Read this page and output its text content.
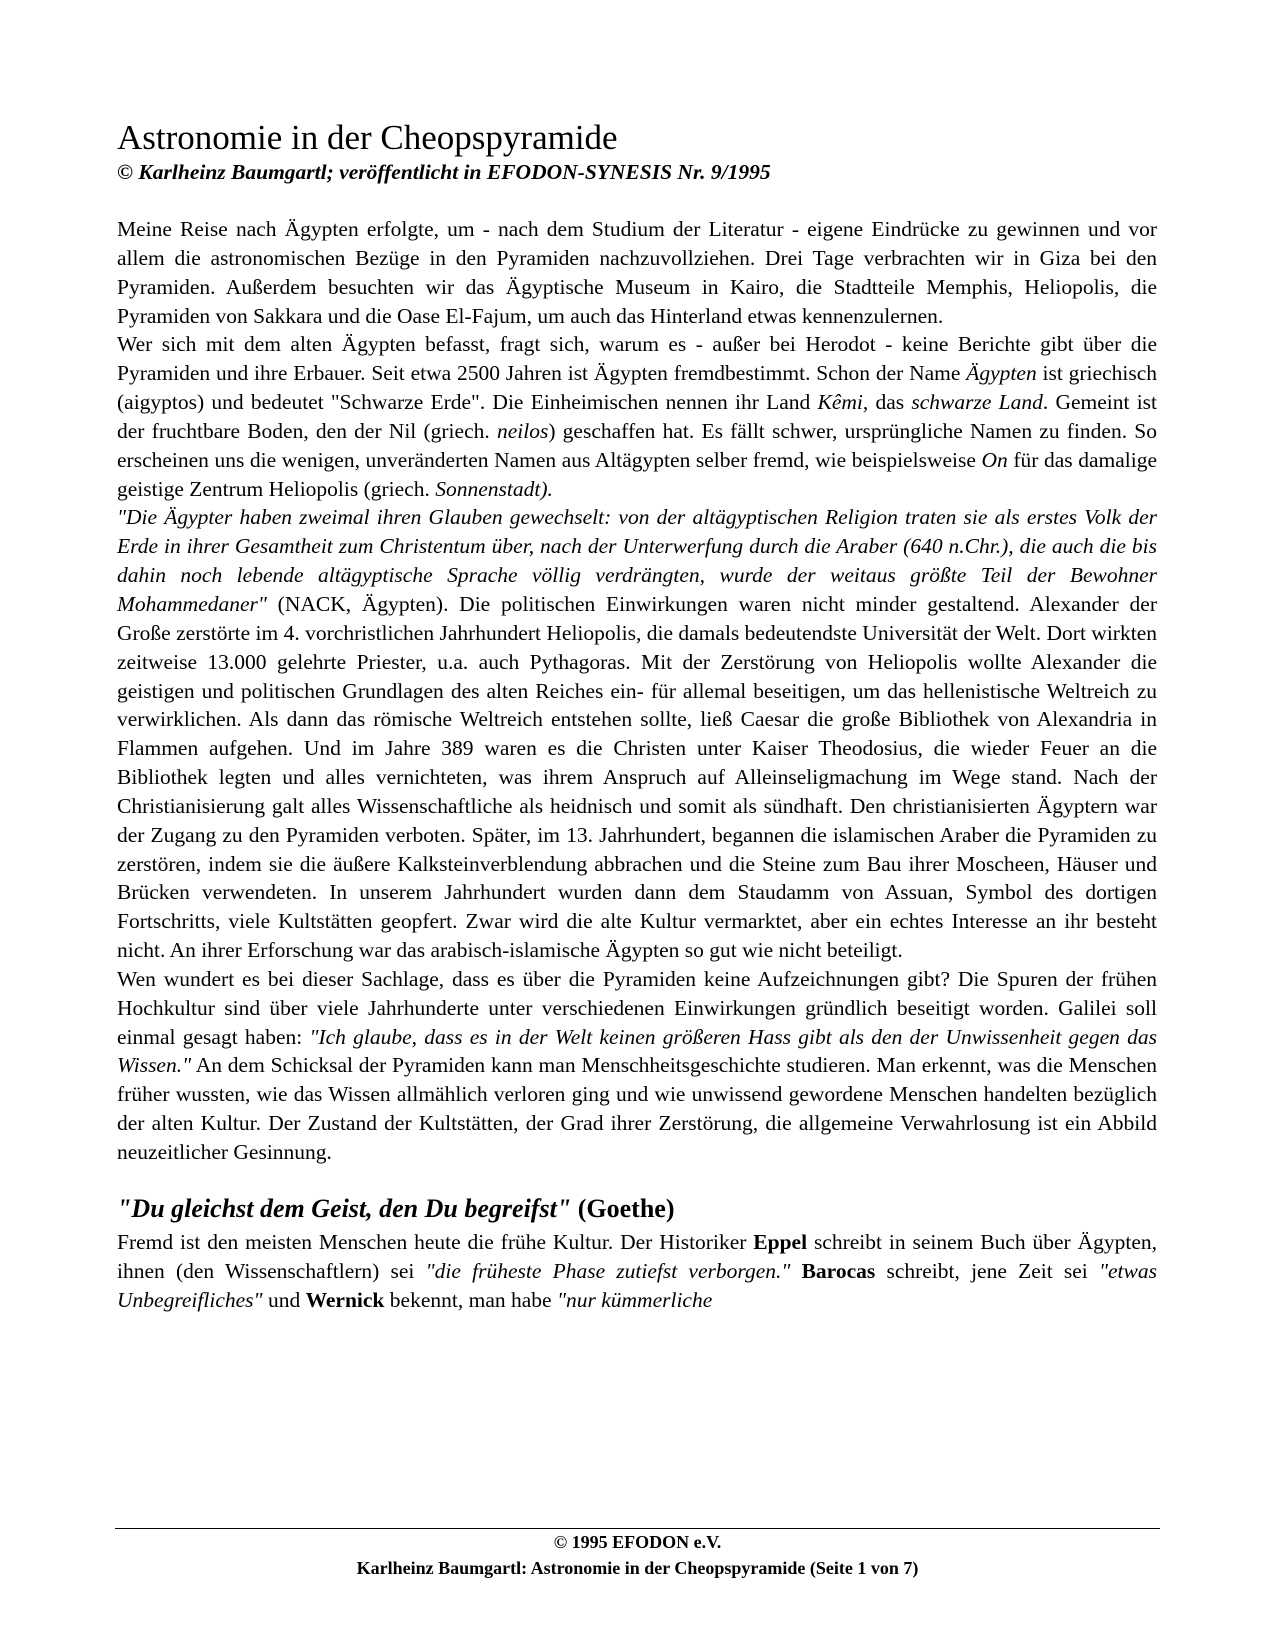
Astronomie in der Cheopspyramide

© Karlheinz Baumgartl; veröffentlicht in EFODON-SYNESIS Nr. 9/1995

Meine Reise nach Ägypten erfolgte, um - nach dem Studium der Literatur - eigene Eindrücke zu gewinnen und vor allem die astronomischen Bezüge in den Pyramiden nachzuvollziehen. Drei Tage verbrachten wir in Giza bei den Pyramiden. Außerdem besuchten wir das Ägyptische Museum in Kairo, die Stadtteile Memphis, Heliopolis, die Pyramiden von Sakkara und die Oase El-Fajum, um auch das Hinterland etwas kennenzulernen.

Wer sich mit dem alten Ägypten befasst, fragt sich, warum es - außer bei Herodot - keine Berichte gibt über die Pyramiden und ihre Erbauer. Seit etwa 2500 Jahren ist Ägypten fremdbestimmt. Schon der Name Ägypten ist griechisch (aigyptos) und bedeutet "Schwarze Erde". Die Einheimischen nennen ihr Land Kêmi, das schwarze Land. Gemeint ist der fruchtbare Boden, den der Nil (griech. neilos) geschaffen hat. Es fällt schwer, ursprüngliche Namen zu finden. So erscheinen uns die wenigen, unveränderten Namen aus Altägypten selber fremd, wie beispielsweise On für das damalige geistige Zentrum Heliopolis (griech. Sonnenstadt).

"Die Ägypter haben zweimal ihren Glauben gewechselt: von der altägyptischen Religion traten sie als erstes Volk der Erde in ihrer Gesamtheit zum Christentum über, nach der Unterwerfung durch die Araber (640 n.Chr.), die auch die bis dahin noch lebende altägyptische Sprache völlig verdrängten, wurde der weitaus größte Teil der Bewohner Mohammedaner" (NACK, Ägypten). Die politischen Einwirkungen waren nicht minder gestaltend. Alexander der Große zerstörte im 4. vorchristlichen Jahrhundert Heliopolis, die damals bedeutendste Universität der Welt. Dort wirkten zeitweise 13.000 gelehrte Priester, u.a. auch Pythagoras. Mit der Zerstörung von Heliopolis wollte Alexander die geistigen und politischen Grundlagen des alten Reiches ein- für allemal beseitigen, um das hellenistische Weltreich zu verwirklichen. Als dann das römische Weltreich entstehen sollte, ließ Caesar die große Bibliothek von Alexandria in Flammen aufgehen. Und im Jahre 389 waren es die Christen unter Kaiser Theodosius, die wieder Feuer an die Bibliothek legten und alles vernichteten, was ihrem Anspruch auf Alleinseligmachung im Wege stand. Nach der Christianisierung galt alles Wissenschaftliche als heidnisch und somit als sündhaft. Den christianisierten Ägyptern war der Zugang zu den Pyramiden verboten. Später, im 13. Jahrhundert, begannen die islamischen Araber die Pyramiden zu zerstören, indem sie die äußere Kalksteinverblendung abbrachen und die Steine zum Bau ihrer Moscheen, Häuser und Brücken verwendeten. In unserem Jahrhundert wurden dann dem Staudamm von Assuan, Symbol des dortigen Fortschritts, viele Kultstätten geopfert. Zwar wird die alte Kultur vermarktet, aber ein echtes Interesse an ihr besteht nicht. An ihrer Erforschung war das arabisch-islamische Ägypten so gut wie nicht beteiligt.

Wen wundert es bei dieser Sachlage, dass es über die Pyramiden keine Aufzeichnungen gibt? Die Spuren der frühen Hochkultur sind über viele Jahrhunderte unter verschiedenen Einwirkungen gründlich beseitigt worden. Galilei soll einmal gesagt haben: "Ich glaube, dass es in der Welt keinen größeren Hass gibt als den der Unwissenheit gegen das Wissen." An dem Schicksal der Pyramiden kann man Menschheitsgeschichte studieren. Man erkennt, was die Menschen früher wussten, wie das Wissen allmählich verloren ging und wie unwissend gewordene Menschen handelten bezüglich der alten Kultur. Der Zustand der Kultstätten, der Grad ihrer Zerstörung, die allgemeine Verwahrlosung ist ein Abbild neuzeitlicher Gesinnung.

"Du gleichst dem Geist, den Du begreifst" (Goethe)

Fremd ist den meisten Menschen heute die frühe Kultur. Der Historiker Eppel schreibt in seinem Buch über Ägypten, ihnen (den Wissenschaftlern) sei "die früheste Phase zutiefst verborgen." Barocas schreibt, jene Zeit sei "etwas Unbegreifliches" und Wernick bekennt, man habe "nur kümmerliche

© 1995 EFODON e.V.
Karlheinz Baumgartl: Astronomie in der Cheopspyramide (Seite 1 von 7)
